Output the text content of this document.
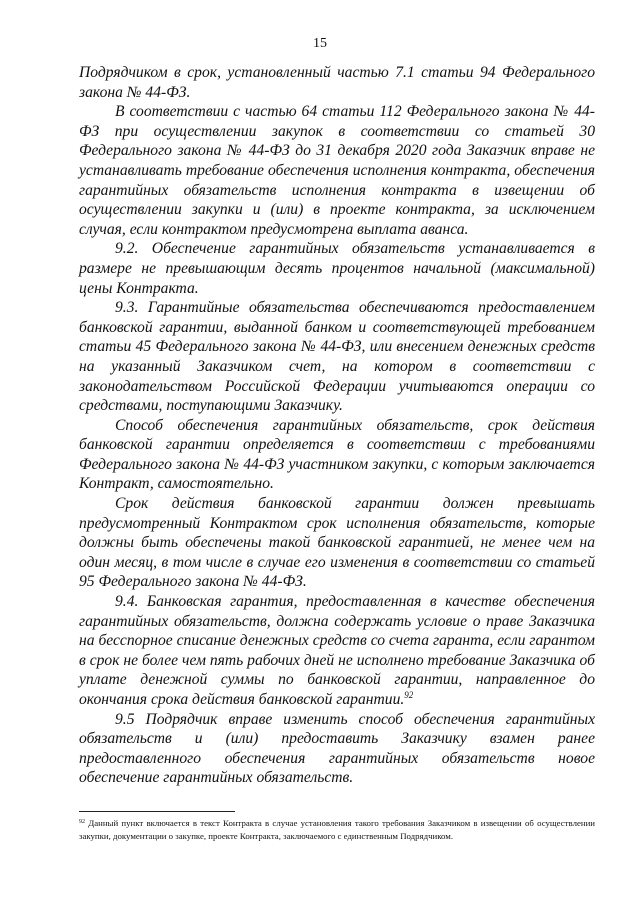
15

Подрядчиком в срок, установленный частью 7.1 статьи 94 Федерального закона № 44-ФЗ.

В соответствии с частью 64 статьи 112 Федерального закона № 44-ФЗ при осуществлении закупок в соответствии со статьей 30 Федерального закона № 44-ФЗ до 31 декабря 2020 года Заказчик вправе не устанавливать требование обеспечения исполнения контракта, обеспечения гарантийных обязательств исполнения контракта в извещении об осуществлении закупки и (или) в проекте контракта, за исключением случая, если контрактом предусмотрена выплата аванса.

9.2. Обеспечение гарантийных обязательств устанавливается в размере не превышающим десять процентов начальной (максимальной) цены Контракта.

9.3. Гарантийные обязательства обеспечиваются предоставлением банковской гарантии, выданной банком и соответствующей требованием статьи 45 Федерального закона № 44-ФЗ, или внесением денежных средств на указанный Заказчиком счет, на котором в соответствии с законодательством Российской Федерации учитываются операции со средствами, поступающими Заказчику.

Способ обеспечения гарантийных обязательств, срок действия банковской гарантии определяется в соответствии с требованиями Федерального закона № 44-ФЗ участником закупки, с которым заключается Контракт, самостоятельно.

Срок действия банковской гарантии должен превышать предусмотренный Контрактом срок исполнения обязательств, которые должны быть обеспечены такой банковской гарантией, не менее чем на один месяц, в том числе в случае его изменения в соответствии со статьей 95 Федерального закона № 44-ФЗ.

9.4. Банковская гарантия, предоставленная в качестве обеспечения гарантийных обязательств, должна содержать условие о праве Заказчика на бесспорное списание денежных средств со счета гаранта, если гарантом в срок не более чем пять рабочих дней не исполнено требование Заказчика об уплате денежной суммы по банковской гарантии, направленное до окончания срока действия банковской гарантии.$^{92}$

9.5 Подрядчик вправе изменить способ обеспечения гарантийных обязательств и (или) предоставить Заказчику взамен ранее предоставленного обеспечения гарантийных обязательств новое обеспечение гарантийных обязательств.

$^{92}$ Данный пункт включается в текст Контракта в случае установления такого требования Заказчиком в извещении об осуществлении закупки, документации о закупке, проекте Контракта, заключаемого с единственным Подрядчиком.
